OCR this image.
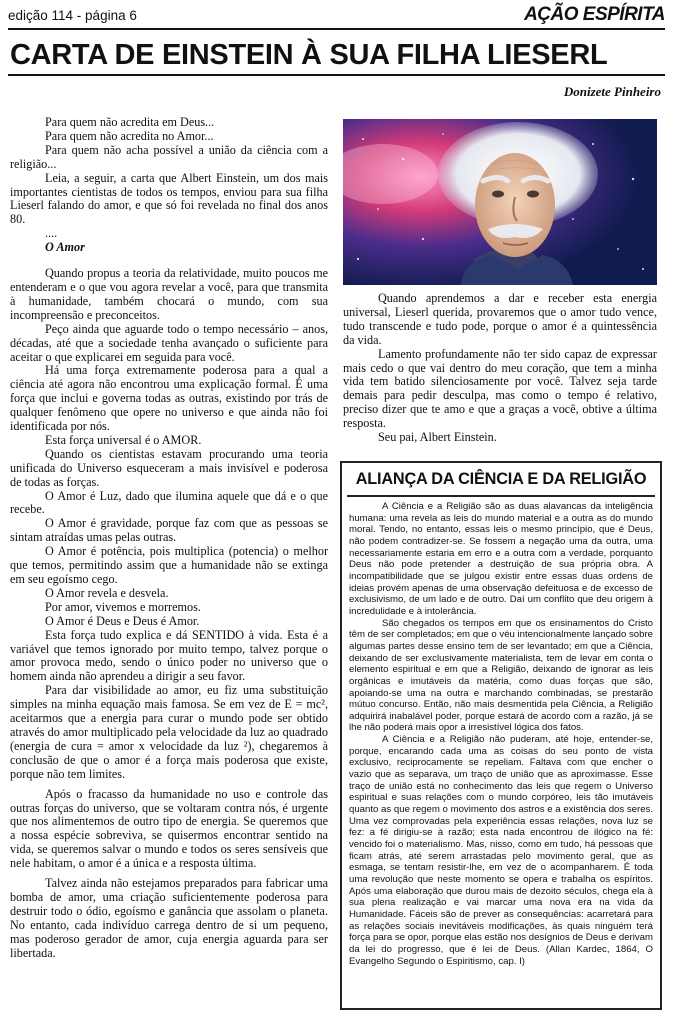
edição 114 - página 6	AÇÃO ESPÍRITA
CARTA DE EINSTEIN À SUA FILHA LIESERL
Donizete Pinheiro

Para quem não acredita em Deus...

Para quem não acredita no Amor...

Para quem não acha possível a união da ciência com a religião...

Leia, a seguir, a carta que Albert Einstein, um dos mais importantes cientistas de todos os tempos, enviou para sua filha Lieserl falando do amor, e que só foi revelada no final dos anos 80.

....

O Amor

Quando propus a teoria da relatividade, muito poucos me entenderam e o que vou agora revelar a você, para que transmita à humanidade, também chocará o mundo, com sua incompreensão e preconceitos.

Peço ainda que aguarde todo o tempo necessário – anos, décadas, até que a sociedade tenha avançado o suficiente para aceitar o que explicarei em seguida para você.

Há uma força extremamente poderosa para a qual a ciência até agora não encontrou uma explicação formal. É uma força que inclui e governa todas as outras, existindo por trás de qualquer fenômeno que opere no universo e que ainda não foi identificada por nós.

Esta força universal é o AMOR.

Quando os cientistas estavam procurando uma teoria unificada do Universo esqueceram a mais invisível e poderosa de todas as forças.

O Amor é Luz, dado que ilumina aquele que dá e o que recebe.

O Amor é gravidade, porque faz com que as pessoas se sintam atraídas umas pelas outras.

O Amor é potência, pois multiplica (potencia) o melhor que temos, permitindo assim que a humanidade não se extinga em seu egoísmo cego.

O Amor revela e desvela.

Por amor, vivemos e morremos.

O Amor é Deus e Deus é Amor.

Esta força tudo explica e dá SENTIDO à vida. Esta é a variável que temos ignorado por muito tempo, talvez porque o amor provoca medo, sendo o único poder no universo que o homem ainda não aprendeu a dirigir a seu favor.

Para dar visibilidade ao amor, eu fiz uma substituição simples na minha equação mais famosa. Se em vez de E = mc², aceitarmos que a energia para curar o mundo pode ser obtido através do amor multiplicado pela velocidade da luz ao quadrado (energia de cura = amor x velocidade da luz ²), chegaremos à conclusão de que o amor é a força mais poderosa que existe, porque não tem limites.

Após o fracasso da humanidade no uso e controle das outras forças do universo, que se voltaram contra nós, é urgente que nos alimentemos de outro tipo de energia. Se queremos que a nossa espécie sobreviva, se quisermos encontrar sentido na vida, se queremos salvar o mundo e todos os seres sensíveis que nele habitam, o amor é a única e a resposta última.

Talvez ainda não estejamos preparados para fabricar uma bomba de amor, uma criação suficientemente poderosa para destruir todo o ódio, egoísmo e ganância que assolam o planeta. No entanto, cada indivíduo carrega dentro de si um pequeno, mas poderoso gerador de amor, cuja energia aguarda para ser libertada.

Quando aprendemos a dar e receber esta energia universal, Lieserl querida, provaremos que o amor tudo vence, tudo transcende e tudo pode, porque o amor é a quintessência da vida.

Lamento profundamente não ter sido capaz de expressar mais cedo o que vai dentro do meu coração, que tem a minha vida tem batido silenciosamente por você. Talvez seja tarde demais para pedir desculpa, mas como o tempo é relativo, preciso dizer que te amo e que a graças a você, obtive a última resposta.

Seu pai, Albert Einstein.

ALIANÇA DA CIÊNCIA E DA RELIGIÃO

A Ciência e a Religião são as duas alavancas da inteligência humana: uma revela as leis do mundo material e a outra as do mundo moral. Tendo, no entanto, essas leis o mesmo princípio, que é Deus, não podem contradizer-se. Se fossem a negação uma da outra, uma necessariamente estaria em erro e a outra com a verdade, porquanto Deus não pode pretender a destruição de sua própria obra. A incompatibilidade que se julgou existir entre essas duas ordens de ideias provém apenas de uma observação defeituosa e de excesso de exclusivismo, de um lado e de outro. Daí um conflito que deu origem à incredulidade e à intolerância.

São chegados os tempos em que os ensinamentos do Cristo têm de ser completados; em que o véu intencionalmente lançado sobre algumas partes desse ensino tem de ser levantado; em que a Ciência, deixando de ser exclusivamente materialista, tem de levar em conta o elemento espiritual e em que a Religião, deixando de ignorar as leis orgânicas e imutáveis da matéria, como duas forças que são, apoiando-se uma na outra e marchando combinadas, se prestarão mútuo concurso. Então, não mais desmentida pela Ciência, a Religião adquirirá inabalável poder, porque estará de acordo com a razão, já se lhe não poderá mais opor a irresistível lógica dos fatos.

A Ciência e a Religião não puderam, até hoje, entender-se, porque, encarando cada uma as coisas do seu ponto de vista exclusivo, reciprocamente se repeliam. Faltava com que encher o vazio que as separava, um traço de união que as aproximasse. Esse traço de união está no conhecimento das leis que regem o Universo espiritual e suas relações com o mundo corpóreo, leis tão imutáveis quanto as que regem o movimento dos astros e a existência dos seres. Uma vez comprovadas pela experiência essas relações, nova luz se fez: a fé dirigiu-se à razão; esta nada encontrou de ilógico na fé: vencido foi o materialismo. Mas, nisso, como em tudo, há pessoas que ficam atrás, até serem arrastadas pelo movimento geral, que as esmaga, se tentam resistir-lhe, em vez de o acompanharem. É toda uma revolução que neste momento se opera e trabalha os espíritos. Após uma elaboração que durou mais de dezoito séculos, chega ela à sua plena realização e vai marcar uma nova era na vida da Humanidade. Fáceis são de prever as consequências: acarretará para as relações sociais inevitáveis modificações, às quais ninguém terá força para se opor, porque elas estão nos desígnios de Deus e derivam da lei do progresso, que é lei de Deus. (Allan Kardec, 1864, O Evangelho Segundo o Espiritismo, cap. I)
